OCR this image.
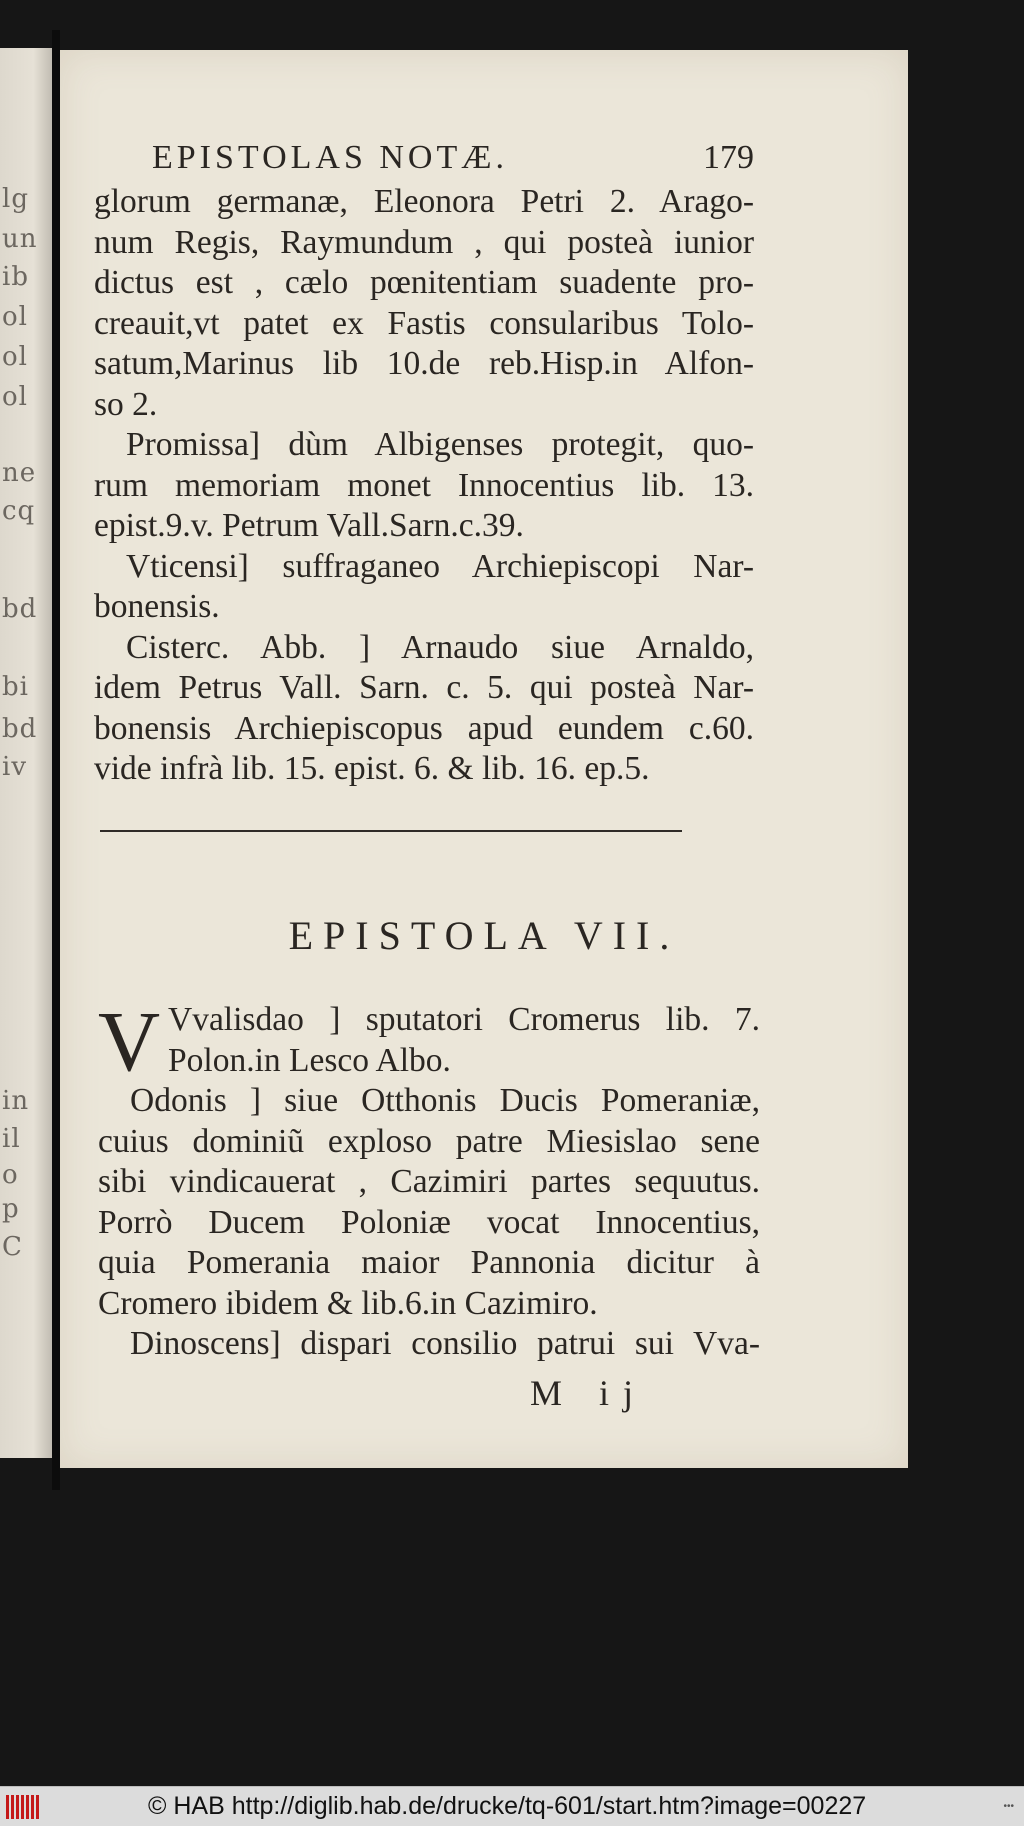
lg
un
ib
ol
ol
ol
ne
cq
bd
bi
bd
iv
in
il
o
p
C
EPISTOLAS NOTÆ.	179
glorum germanæ, Eleonora Petri 2. Arago-
num Regis, Raymundum , qui posteà iunior
dictus est , cælo pœnitentiam suadente pro-
creauit,vt patet ex Fastis consularibus Tolo-
satum,Marinus lib 10.de reb.Hisp.in Alfon-
so 2.
Promissa] dùm Albigenses protegit, quo-
rum memoriam monet Innocentius lib. 13.
epist.9.v. Petrum Vall.Sarn.c.39.
Vticensi] suffraganeo Archiepiscopi Nar-
bonensis.
Cisterc. Abb. ] Arnaudo siue Arnaldo,
idem Petrus Vall. Sarn. c. 5. qui posteà Nar-
bonensis Archiepiscopus apud eundem c.60.
vide infrà lib. 15. epist. 6. & lib. 16. ep.5.
EPISTOLA VII.
V Vvalisdao ] sputatori Cromerus lib. 7.
Polon.in Lesco Albo.
Odonis ] siue Otthonis Ducis Pomeraniæ,
cuius dominiũ exploso patre Miesislao sene
sibi vindicauerat , Cazimiri partes sequutus.
Porrò Ducem Poloniæ vocat Innocentius,
quia Pomerania maior Pannonia dicitur à
Cromero ibidem & lib.6.in Cazimiro.
Dinoscens] dispari consilio patrui sui Vva-
M ij
© HAB http://diglib.hab.de/drucke/tq-601/start.htm?image=00227	•••
